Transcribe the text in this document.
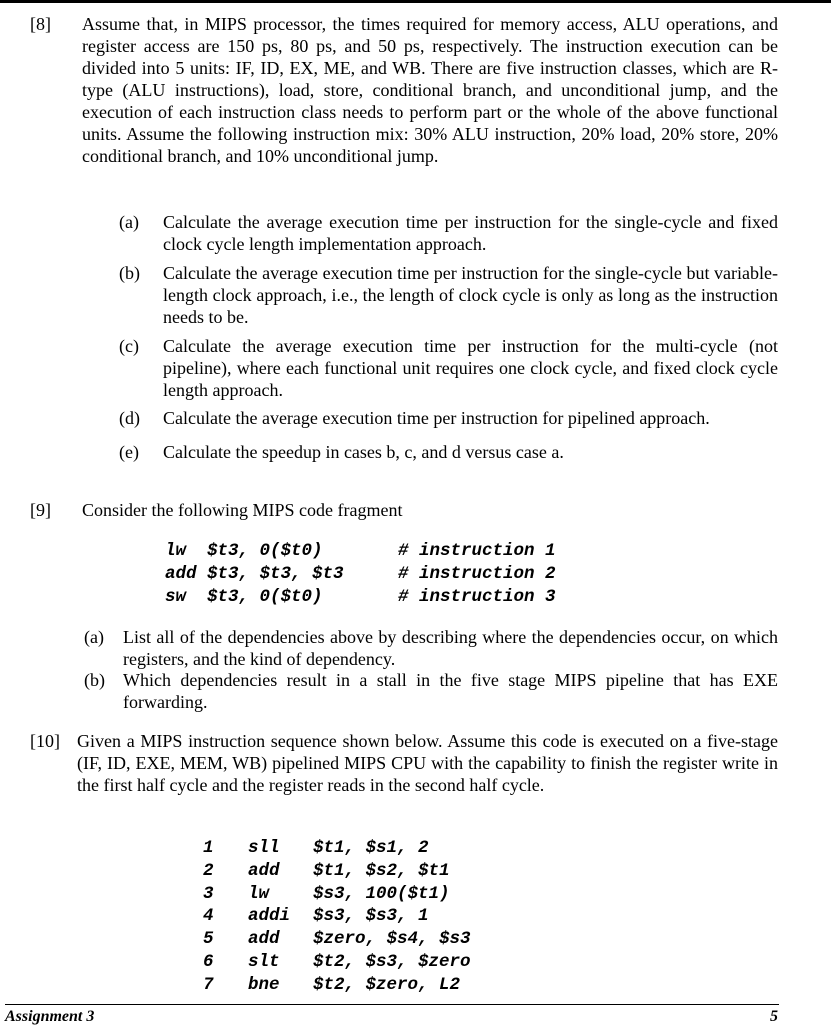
[8] Assume that, in MIPS processor, the times required for memory access, ALU operations, and register access are 150 ps, 80 ps, and 50 ps, respectively. The instruction execution can be divided into 5 units: IF, ID, EX, ME, and WB. There are five instruction classes, which are R-type (ALU instructions), load, store, conditional branch, and unconditional jump, and the execution of each instruction class needs to perform part or the whole of the above functional units. Assume the following instruction mix: 30% ALU instruction, 20% load, 20% store, 20% conditional branch, and 10% unconditional jump.
(a) Calculate the average execution time per instruction for the single-cycle and fixed clock cycle length implementation approach.
(b) Calculate the average execution time per instruction for the single-cycle but variable-length clock approach, i.e., the length of clock cycle is only as long as the instruction needs to be.
(c) Calculate the average execution time per instruction for the multi-cycle (not pipeline), where each functional unit requires one clock cycle, and fixed clock cycle length approach.
(d) Calculate the average execution time per instruction for pipelined approach.
(e) Calculate the speedup in cases b, c, and d versus case a.
[9] Consider the following MIPS code fragment
lw  $t3, 0($t0)	# instruction 1
add $t3, $t3, $t3	# instruction 2
sw  $t3, 0($t0)	# instruction 3
(a) List all of the dependencies above by describing where the dependencies occur, on which registers, and the kind of dependency.
(b) Which dependencies result in a stall in the five stage MIPS pipeline that has EXE forwarding.
[10] Given a MIPS instruction sequence shown below. Assume this code is executed on a five-stage (IF, ID, EXE, MEM, WB) pipelined MIPS CPU with the capability to finish the register write in the first half cycle and the register reads in the second half cycle.
1 sll $t1, $s1, 2
2 add $t1, $s2, $t1
3 lw	$s3, 100($t1)
4 addi $s3, $s3, 1
5 add $zero, $s4, $s3
6 slt $t2, $s3, $zero
7 bne $t2, $zero, L2
Assignment 3	5
